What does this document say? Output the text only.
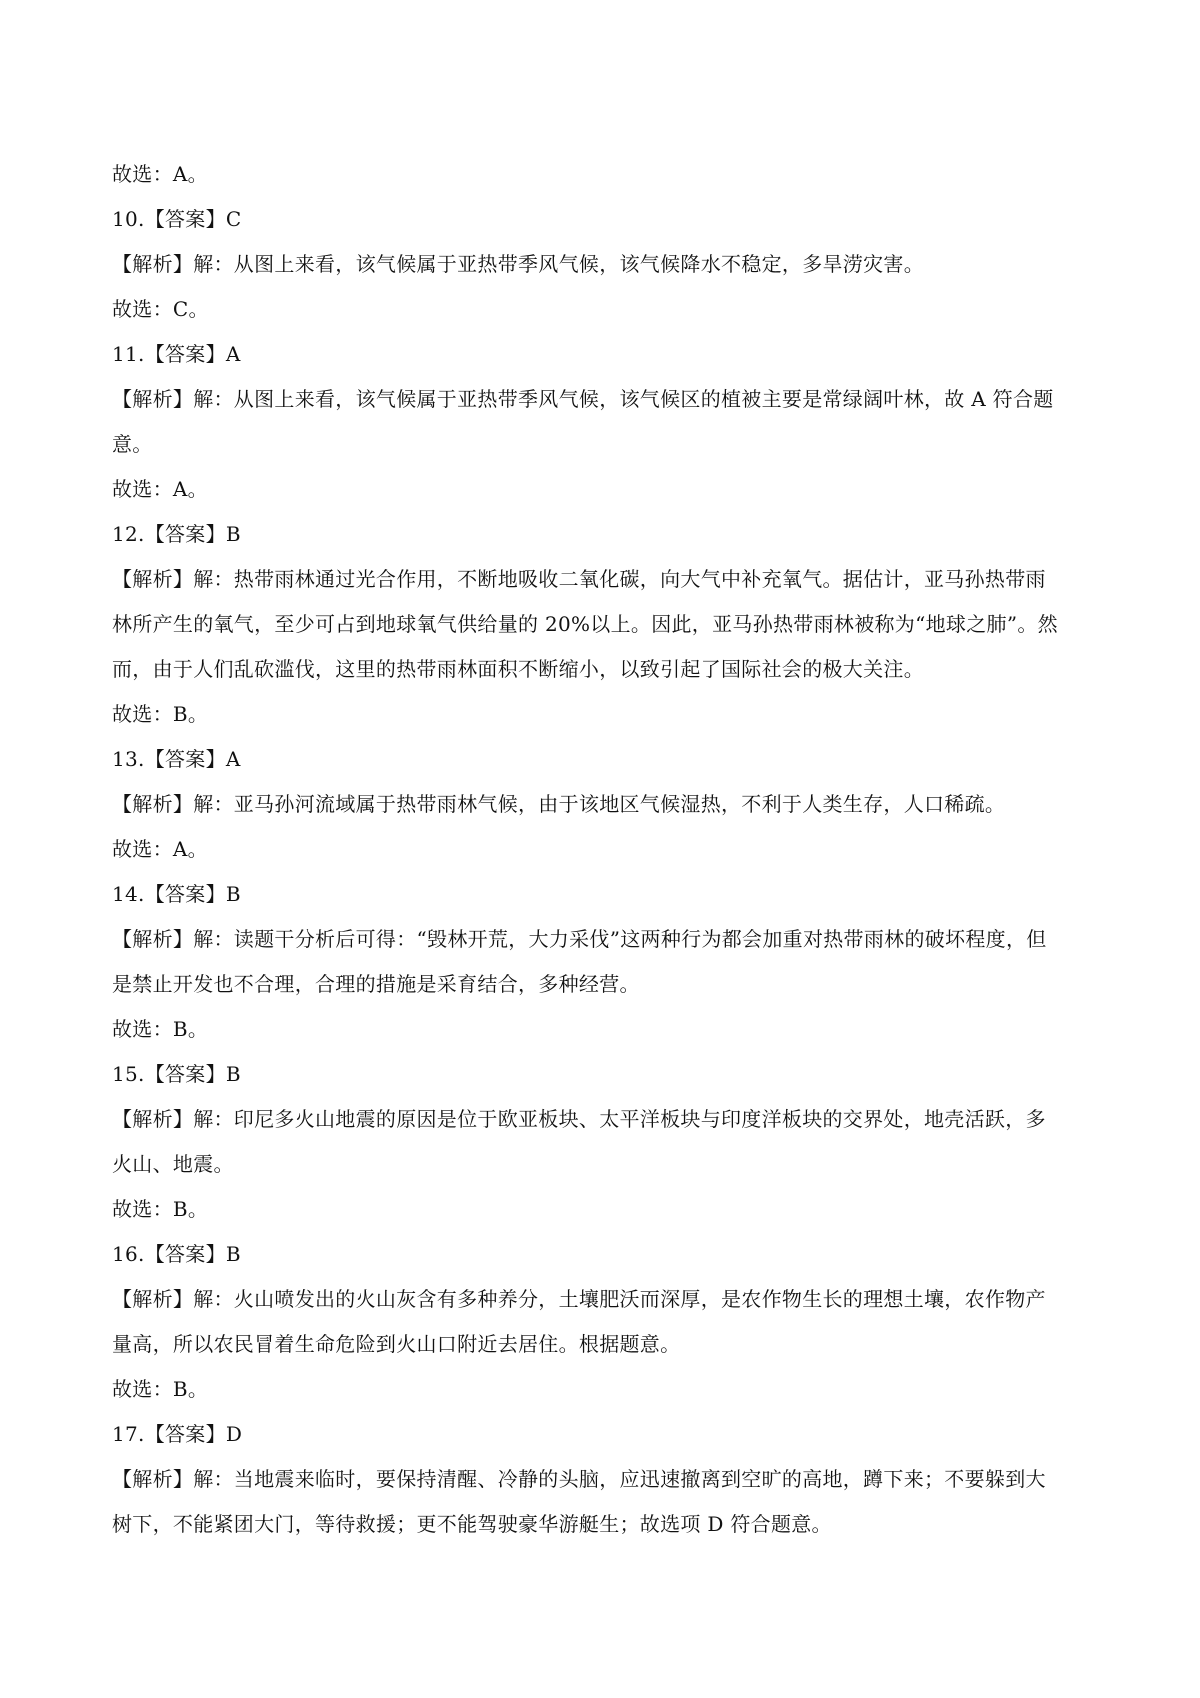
故选：A。
10.【答案】C
【解析】解：从图上来看，该气候属于亚热带季风气候，该气候降水不稳定，多旱涝灾害。
故选：C。
11.【答案】A
【解析】解：从图上来看，该气候属于亚热带季风气候，该气候区的植被主要是常绿阔叶林，故 A 符合题
意。
故选：A。
12.【答案】B
【解析】解：热带雨林通过光合作用，不断地吸收二氧化碳，向大气中补充氧气。据估计，亚马孙热带雨
林所产生的氧气，至少可占到地球氧气供给量的 20%以上。因此，亚马孙热带雨林被称为“地球之肺”。然
而，由于人们乱砍滥伐，这里的热带雨林面积不断缩小，以致引起了国际社会的极大关注。
故选：B。
13.【答案】A
【解析】解：亚马孙河流域属于热带雨林气候，由于该地区气候湿热，不利于人类生存，人口稀疏。
故选：A。
14.【答案】B
【解析】解：读题干分析后可得：“毁林开荒，大力采伐”这两种行为都会加重对热带雨林的破坏程度，但
是禁止开发也不合理，合理的措施是采育结合，多种经营。
故选：B。
15.【答案】B
【解析】解：印尼多火山地震的原因是位于欧亚板块、太平洋板块与印度洋板块的交界处，地壳活跃，多
火山、地震。
故选：B。
16.【答案】B
【解析】解：火山喷发出的火山灰含有多种养分，土壤肥沃而深厚，是农作物生长的理想土壤，农作物产
量高，所以农民冒着生命危险到火山口附近去居住。根据题意。
故选：B。
17.【答案】D
【解析】解：当地震来临时，要保持清醒、冷静的头脑，应迅速撤离到空旷的高地，蹲下来；不要躲到大
树下，不能紧团大门，等待救援；更不能驾驶豪华游艇生；故选项 D 符合题意。
